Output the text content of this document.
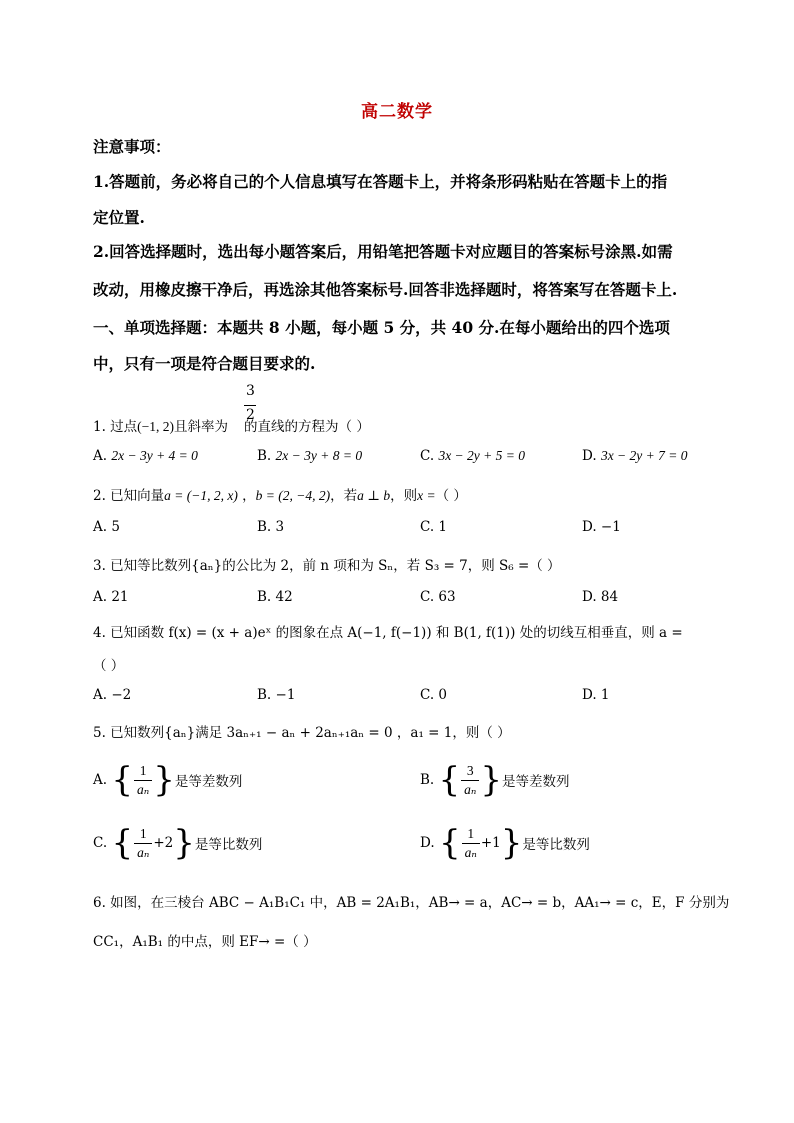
高二数学
注意事项：
1.答题前，务必将自己的个人信息填写在答题卡上，并将条形码粘贴在答题卡上的指
定位置.
2.回答选择题时，选出每小题答案后，用铅笔把答题卡对应题目的答案标号涂黑.如需
改动，用橡皮擦干净后，再选涂其他答案标号.回答非选择题时，将答案写在答题卡上.
一、单项选择题：本题共 8 小题，每小题 5 分，共 40 分.在每小题给出的四个选项
中，只有一项是符合题目要求的.
3
2
1. 过点(−1, 2)且斜率为 的直线的方程为（ ）
A. 2x − 3y + 4 = 0	B. 2x − 3y + 8 = 0	C. 3x − 2y + 5 = 0	D. 3x − 2y + 7 = 0
2. 已知向量a = (−1, 2, x) ，b = (2, −4, 2)，若a ⊥ b，则x =（ ）
A. 5	B. 3	C. 1	D. −1
3. 已知等比数列{aₙ}的公比为 2，前 n 项和为 Sₙ，若 S₃ = 7，则 S₆ =（ ）
A. 21	B. 42	C. 63	D. 84
4. 已知函数 f(x) = (x + a)eˣ 的图象在点 A(−1, f(−1)) 和 B(1, f(1)) 处的切线互相垂直，则 a =
（ ）
A. −2	B. −1	C. 0	D. 1
5. 已知数列{aₙ}满足 3aₙ₊₁ − aₙ + 2aₙ₊₁aₙ = 0 ，a₁ = 1，则（ ）
A. { $\frac{1}{\text{aₙ}}$ }是等差数列	B. { $\frac{3}{\text{aₙ}}$ }是等差数列
C. { $\frac{1}{\text{aₙ}} +2$}是等比数列	D. { $\frac{1}{\text{aₙ}} +1$}是等比数列
6. 如图，在三棱台 ABC − A₁B₁C₁ 中，AB = 2A₁B₁，AB→ = a，AC→ = b，AA₁→ = c，E，F 分别为
CC₁，A₁B₁ 的中点，则 EF→ =（ ）
